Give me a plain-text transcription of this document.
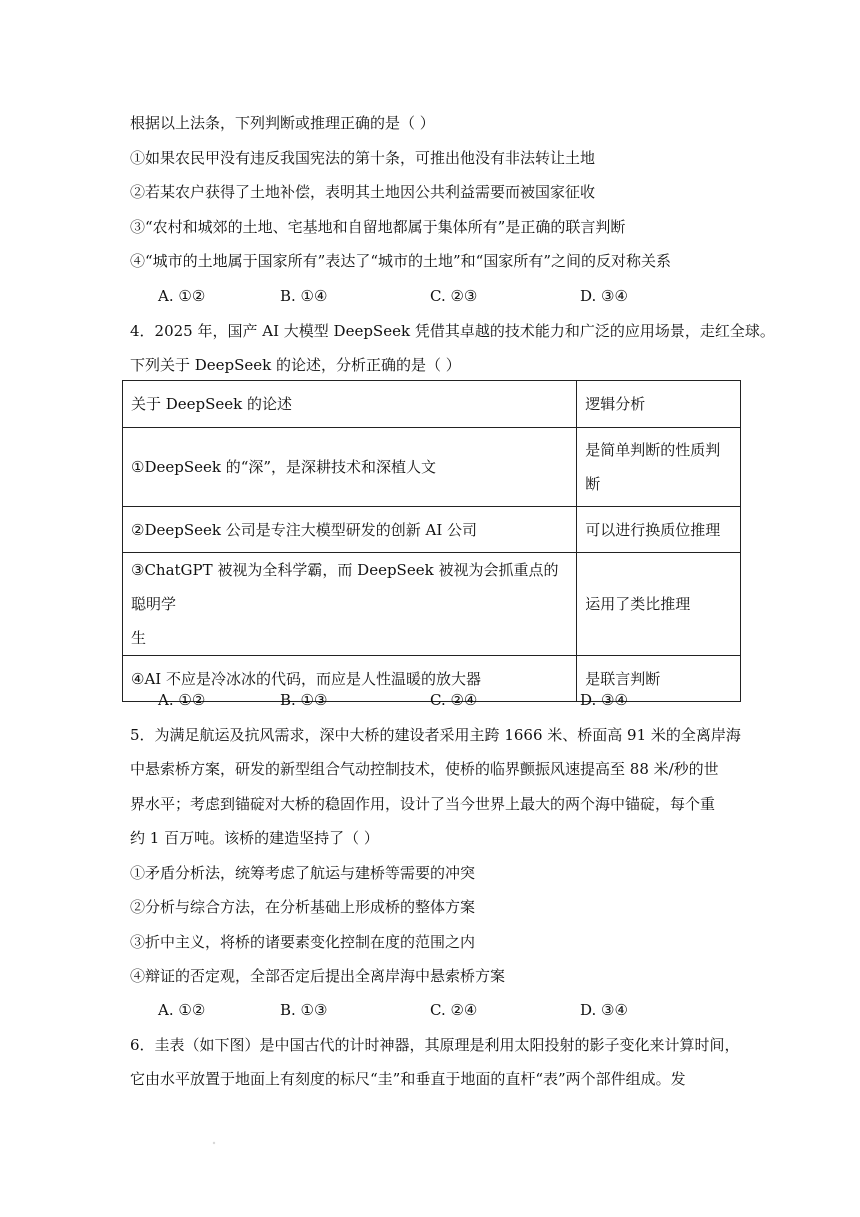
根据以上法条，下列判断或推理正确的是（ ）
①如果农民甲没有违反我国宪法的第十条，可推出他没有非法转让土地
②若某农户获得了土地补偿，表明其土地因公共利益需要而被国家征收
③“农村和城郊的土地、宅基地和自留地都属于集体所有”是正确的联言判断
④“城市的土地属于国家所有”表达了“城市的土地”和“国家所有”之间的反对称关系
A. ①②	B. ①④	C. ②③	D. ③④
4．2025 年，国产 AI 大模型 DeepSeek 凭借其卓越的技术能力和广泛的应用场景，走红全球。
下列关于 DeepSeek 的论述，分析正确的是（ ）
关于 DeepSeek 的论述	逻辑分析
①DeepSeek 的“深”，是深耕技术和深植人文	是简单判断的性质判
断

②DeepSeek 公司是专注大模型研发的创新 AI 公司	可以进行换质位推理

③ChatGPT 被视为全科学霸，而 DeepSeek 被视为会抓重点的聪明学
生	运用了类比推理
④AI 不应是冷冰冰的代码，而应是人性温暖的放大器	是联言判断
A. ①②	B. ①③	C. ②④	D. ③④
5．为满足航运及抗风需求，深中大桥的建设者采用主跨 1666 米、桥面高 91 米的全离岸海
中悬索桥方案，研发的新型组合气动控制技术，使桥的临界颤振风速提高至 88 米/秒的世
界水平；考虑到锚碇对大桥的稳固作用，设计了当今世界上最大的两个海中锚碇，每个重
约 1 百万吨。该桥的建造坚持了（ ）
①矛盾分析法，统筹考虑了航运与建桥等需要的冲突
②分析与综合方法，在分析基础上形成桥的整体方案
③折中主义，将桥的诸要素变化控制在度的范围之内
④辩证的否定观，全部否定后提出全离岸海中悬索桥方案
A. ①②	B. ①③	C. ②④	D. ③④
6．圭表（如下图）是中国古代的计时神器，其原理是利用太阳投射的影子变化来计算时间，
它由水平放置于地面上有刻度的标尺“圭”和垂直于地面的直杆“表”两个部件组成。发
